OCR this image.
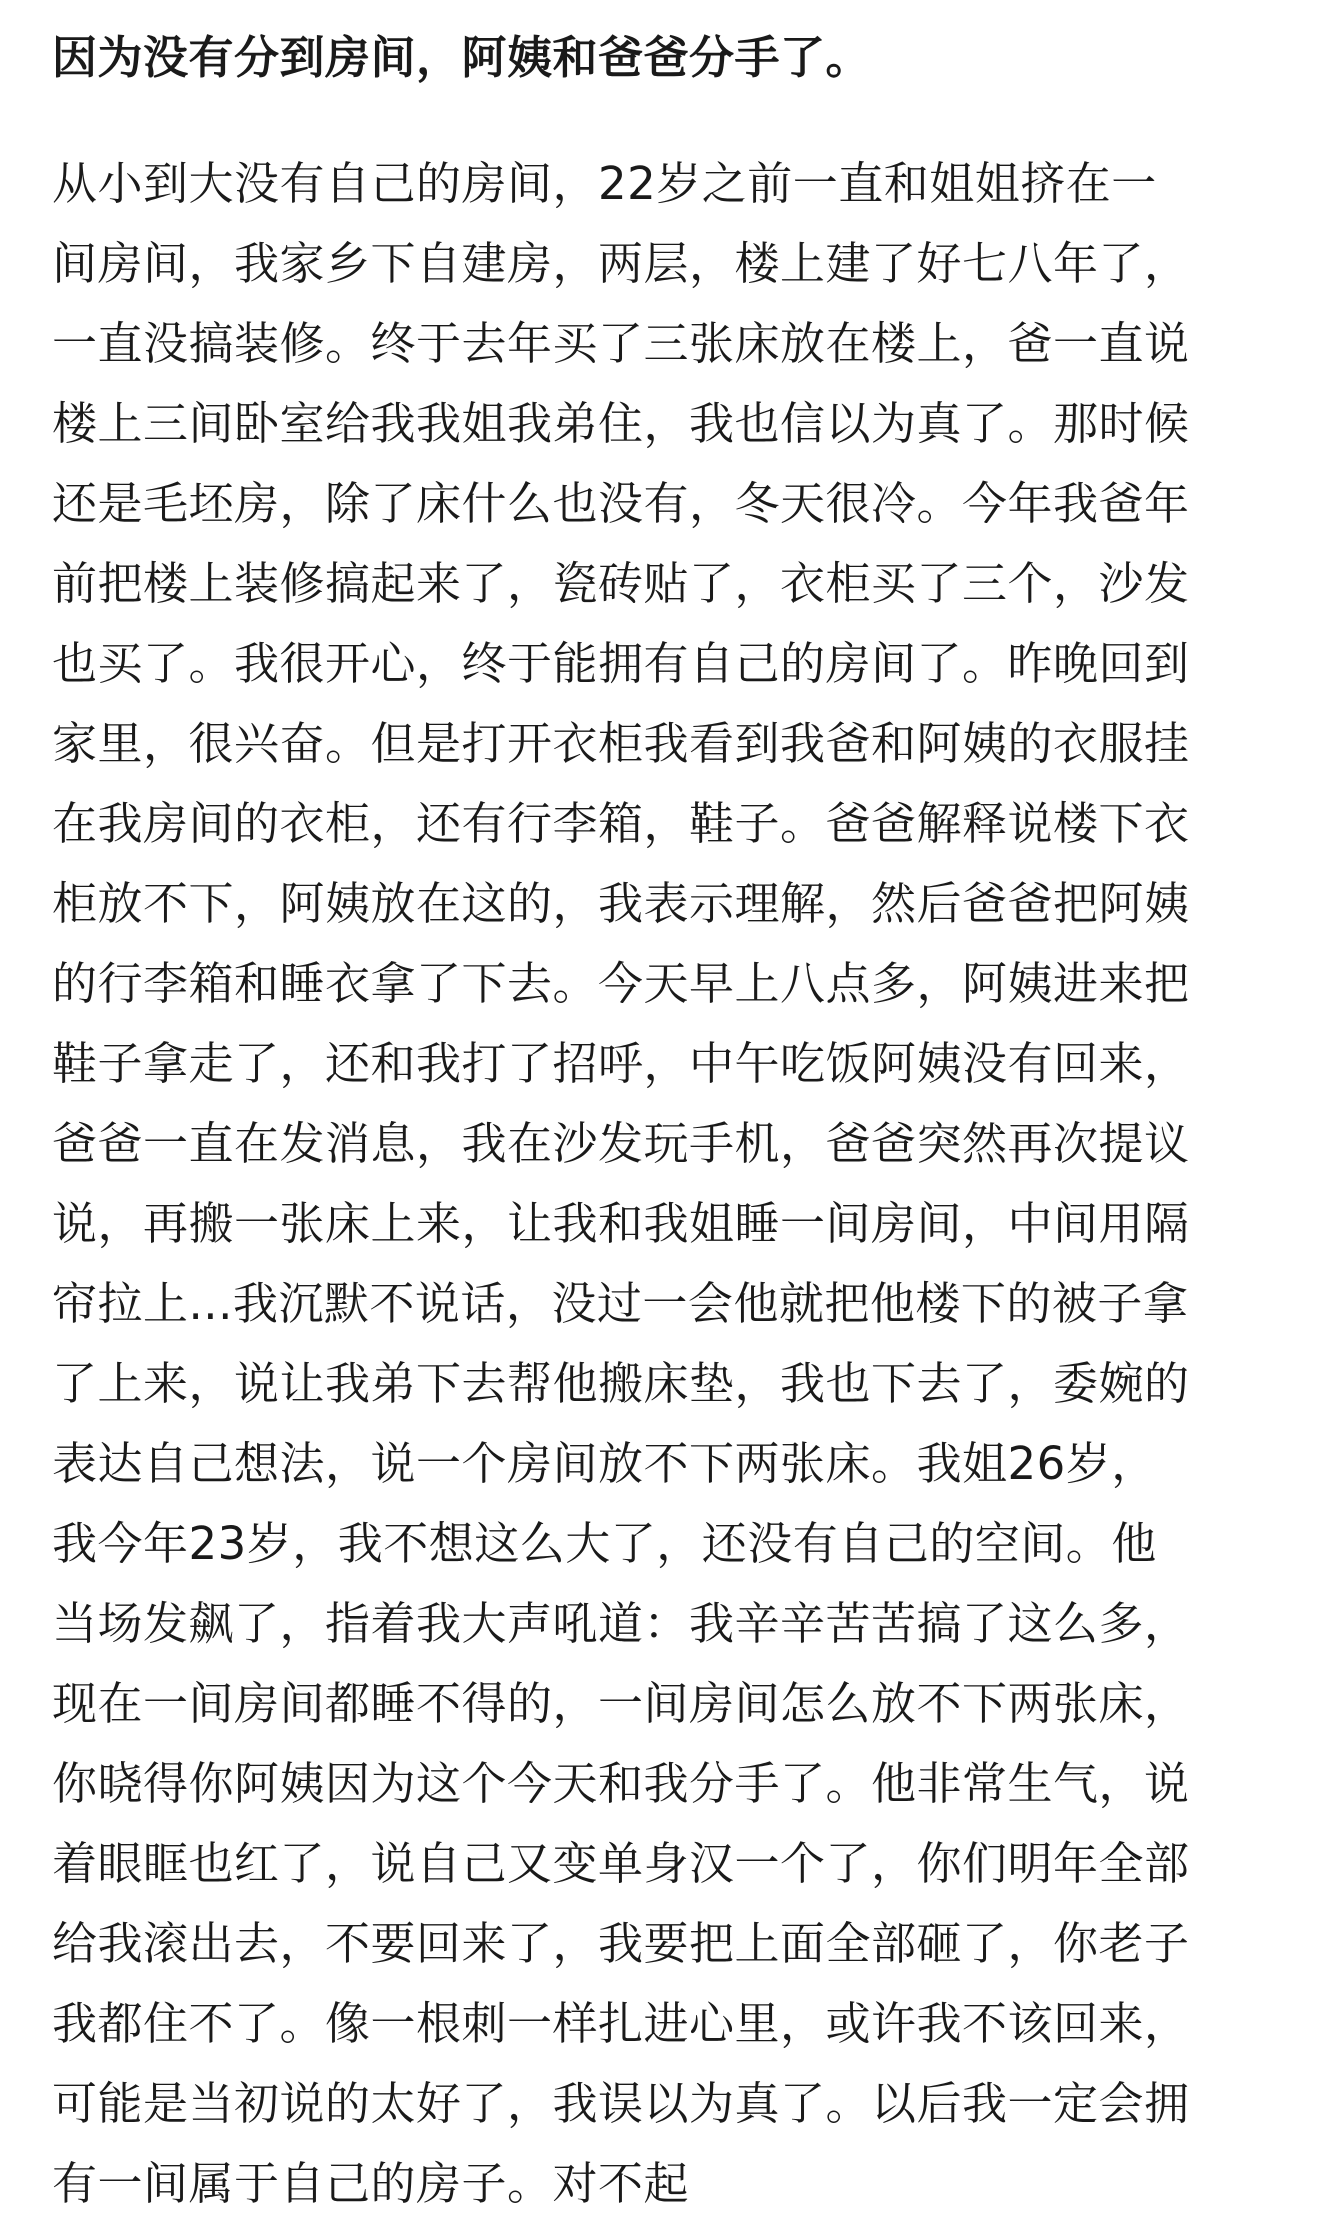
因为没有分到房间，阿姨和爸爸分手了。
从小到大没有自己的房间，22岁之前一直和姐姐挤在一
间房间，我家乡下自建房，两层，楼上建了好七八年了，
一直没搞装修。终于去年买了三张床放在楼上，爸一直说
楼上三间卧室给我我姐我弟住，我也信以为真了。那时候
还是毛坯房，除了床什么也没有，冬天很冷。今年我爸年
前把楼上装修搞起来了，瓷砖贴了，衣柜买了三个，沙发
也买了。我很开心，终于能拥有自己的房间了。昨晚回到
家里，很兴奋。但是打开衣柜我看到我爸和阿姨的衣服挂
在我房间的衣柜，还有行李箱，鞋子。爸爸解释说楼下衣
柜放不下，阿姨放在这的，我表示理解，然后爸爸把阿姨
的行李箱和睡衣拿了下去。今天早上八点多，阿姨进来把
鞋子拿走了，还和我打了招呼，中午吃饭阿姨没有回来，
爸爸一直在发消息，我在沙发玩手机，爸爸突然再次提议
说，再搬一张床上来，让我和我姐睡一间房间，中间用隔
帘拉上...我沉默不说话，没过一会他就把他楼下的被子拿
了上来，说让我弟下去帮他搬床垫，我也下去了，委婉的
表达自己想法，说一个房间放不下两张床。我姐26岁，
我今年23岁，我不想这么大了，还没有自己的空间。他
当场发飙了，指着我大声吼道：我辛辛苦苦搞了这么多，
现在一间房间都睡不得的，一间房间怎么放不下两张床，
你晓得你阿姨因为这个今天和我分手了。他非常生气，说
着眼眶也红了，说自己又变单身汉一个了，你们明年全部
给我滚出去，不要回来了，我要把上面全部砸了，你老子
我都住不了。像一根刺一样扎进心里，或许我不该回来，
可能是当初说的太好了，我误以为真了。以后我一定会拥
有一间属于自己的房子。对不起
